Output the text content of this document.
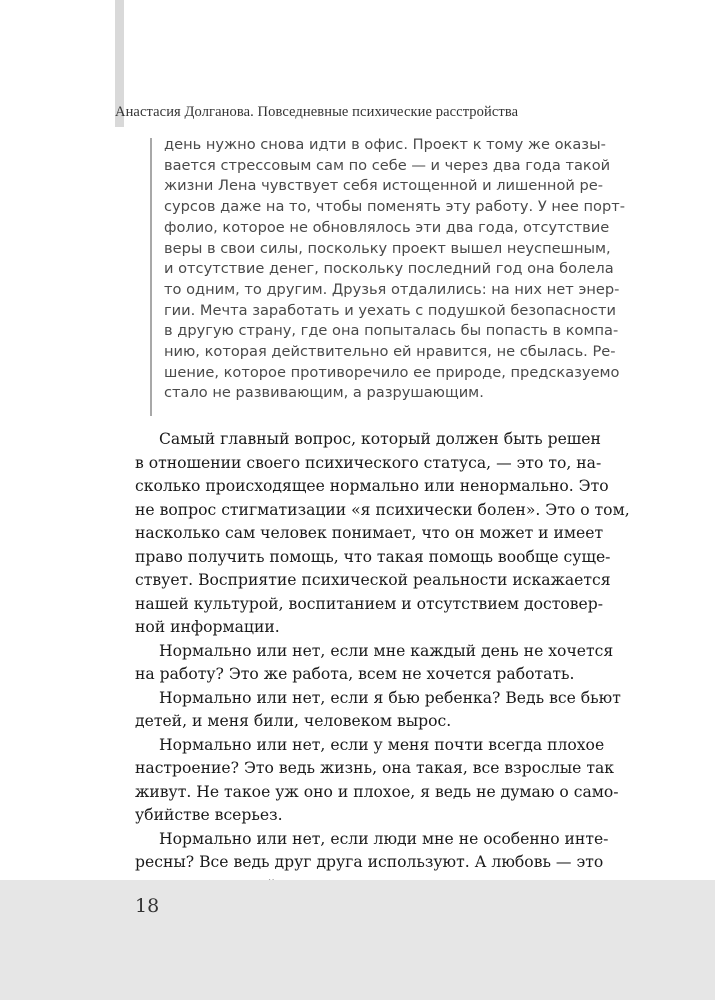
Анастасия Долганова. Повседневные психические расстройства
день нужно снова идти в офис. Проект к тому же оказы-
вается стрессовым сам по себе — и через два года такой
жизни Лена чувствует себя истощенной и лишенной ре-
сурсов даже на то, чтобы поменять эту работу. У нее порт-
фолио, которое не обновлялось эти два года, отсутствие
веры в свои силы, поскольку проект вышел неуспешным,
и отсутствие денег, поскольку последний год она болела
то одним, то другим. Друзья отдалились: на них нет энер-
гии. Мечта заработать и уехать с подушкой безопасности
в другую страну, где она попыталась бы попасть в компа-
нию, которая действительно ей нравится, не сбылась. Ре-
шение, которое противоречило ее природе, предсказуемо
стало не развивающим, а разрушающим.
Самый главный вопрос, который должен быть решен
в отношении своего психического статуса, — это то, на-
сколько происходящее нормально или ненормально. Это
не вопрос стигматизации «я психически болен». Это о том,
насколько сам человек понимает, что он может и имеет
право получить помощь, что такая помощь вообще суще-
ствует. Восприятие психической реальности искажается
нашей культурой, воспитанием и отсутствием достовер-
ной информации.
Нормально или нет, если мне каждый день не хочется
на работу? Это же работа, всем не хочется работать.
Нормально или нет, если я бью ребенка? Ведь все бьют
детей, и меня били, человеком вырос.
Нормально или нет, если у меня почти всегда плохое
настроение? Это ведь жизнь, она такая, все взрослые так
живут. Не такое уж оно и плохое, я ведь не думаю о само-
убийстве всерьез.
Нормально или нет, если люди мне не особенно инте-
ресны? Все ведь друг друга используют. А любовь — это
18
